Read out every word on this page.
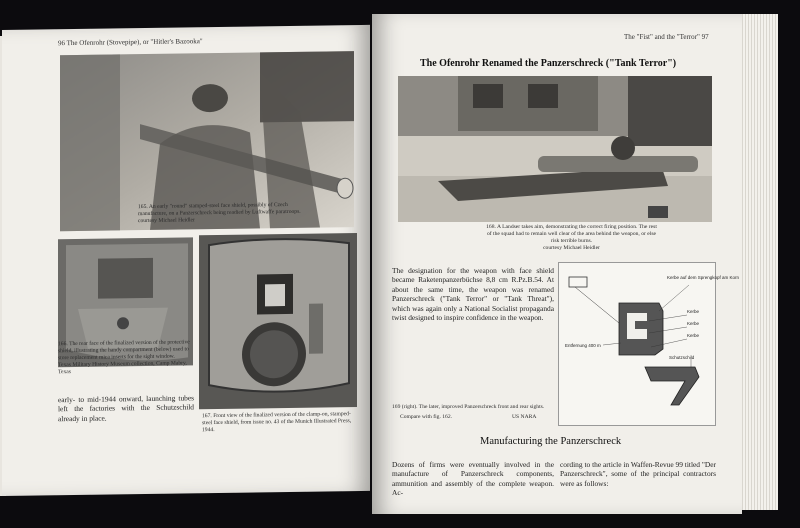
96 The Ofenrohr (Stovepipe), or "Hitler's Bazooka"
165. An early "round" stamped-steel face shield, possibly of Czech manufacture, on a Panzerschreck being readied by Luftwaffe paratroops. courtesy Michael Heidler
166. The rear face of the finalized version of the protective shield, illustrating the handy compartment (below) used to store replacement mica inserts for the sight window.
Texas Military History Museum collection, Camp Mabry, Texas
167. Front view of the finalized version of the clamp-on, stamped-steel face shield, from issue no. 43 of the Munich Illustrated Press, 1944.
early- to mid-1944 onward, launching tubes left the factories with the Schutzschild already in place.
The "Fist" and the "Terror" 97
The Ofenrohr Renamed the Panzerschreck ("Tank Terror")
168. A Landser takes aim, demonstrating the correct firing position. The rest of the squad had to remain well clear of the area behind the weapon, or else risk terrible burns.
courtesy Michael Heidler
The designation for the weapon with face shield became Raketenpanzerbüchse 8,8 cm R.Pz.B.54. At about the same time, the weapon was renamed Panzerschreck ("Tank Terror" or "Tank Threat"), which was again only a National Socialist propaganda twist designed to inspire confidence in the weapon.
Kerbe auf dem Sprengkopf am Korn
Kerbe
Kerbe
Kerbe
Entfernung 400 m
Schutzschild
169 (right). The later, improved Panzerschreck front and rear sights.
Compare with fig. 162.	US NARA
Manufacturing the Panzerschreck
Dozens of firms were eventually involved in the manufacture of Panzerschreck components, ammunition and assembly of the complete weapon. Ac-
cording to the article in Waffen-Revue 99 titled "Der Panzerschreck", some of the principal contractors were as follows:
